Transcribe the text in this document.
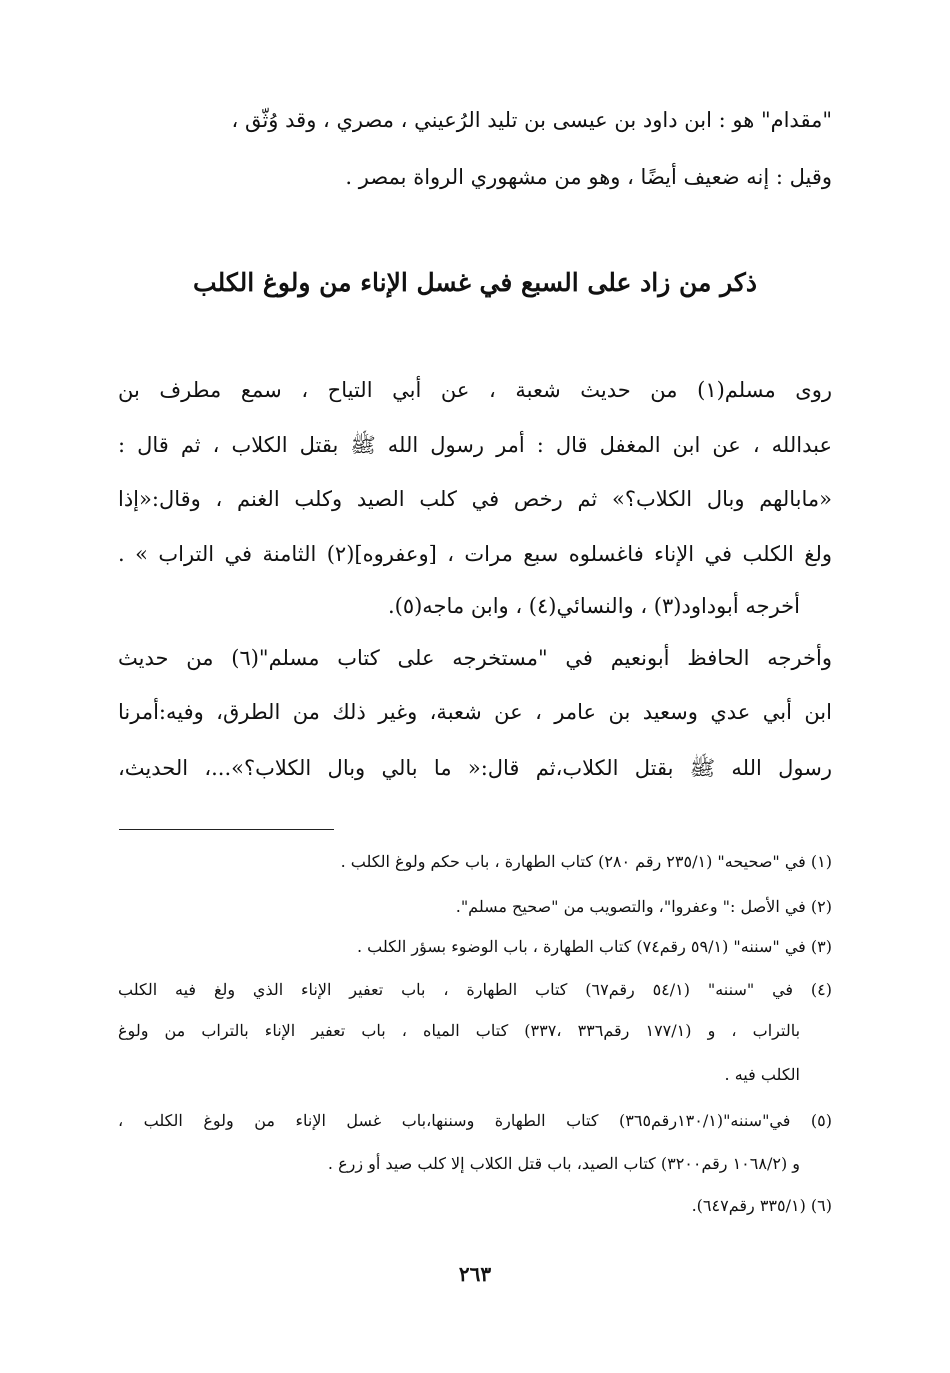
"مقدام" هو : ابن داود بن عيسى بن تليد الرُعيني ، مصري ، وقد وُثّق ،
وقيل : إنه ضعيف أيضًا ، وهو من مشهوري الرواة بمصر .
ذكر من زاد على السبع في غسل الإناء من ولوغ الكلب
روى مسلم(١) من حديث شعبة ، عن أبي التياح ، سمع مطرف بن
عبدالله ، عن ابن المغفل قال : أمر رسول الله ﷺ بقتل الكلاب ، ثم قال :
«مابالهم وبال الكلاب؟» ثم رخص في كلب الصيد وكلب الغنم ، وقال:«إذا
ولغ الكلب في الإناء فاغسلوه سبع مرات ، [وعفروه](٢) الثامنة في التراب » .
أخرجه أبوداود(٣) ، والنسائي(٤) ، وابن ماجه(٥).
وأخرجه الحافظ أبونعيم في "مستخرجه على كتاب مسلم"(٦) من حديث
ابن أبي عدي وسعيد بن عامر ، عن شعبة، وغير ذلك من الطرق، وفيه:أمرنا
رسول الله ﷺ بقتل الكلاب،ثم قال:« ما بالي وبال الكلاب؟»...، الحديث،
(١) في "صحيحه" (٢٣٥/١ رقم ٢٨٠) كتاب الطهارة ، باب حكم ولوغ الكلب .
(٢) في الأصل :" وعفروا"، والتصويب من "صحيح مسلم".
(٣) في "سننه" (٥٩/١ رقم٧٤) كتاب الطهارة ، باب الوضوء بسؤر الكلب .
(٤) في "سننه" (٥٤/١ رقم٦٧) كتاب الطهارة ، باب تعفير الإناء الذي ولغ فيه الكلب
بالتراب ، و (١٧٧/١ رقم٣٣٦ ،٣٣٧) كتاب المياه ، باب تعفير الإناء بالتراب من ولوغ
الكلب فيه .
(٥) في"سننه"(١٣٠/١رقم٣٦٥) كتاب الطهارة وسننها،باب غسل الإناء من ولوغ الكلب ،
و (١٠٦٨/٢ رقم٣٢٠٠) كتاب الصيد، باب قتل الكلاب إلا كلب صيد أو زرع .
(٦) (٣٣٥/١ رقم٦٤٧).
٢٦٣
